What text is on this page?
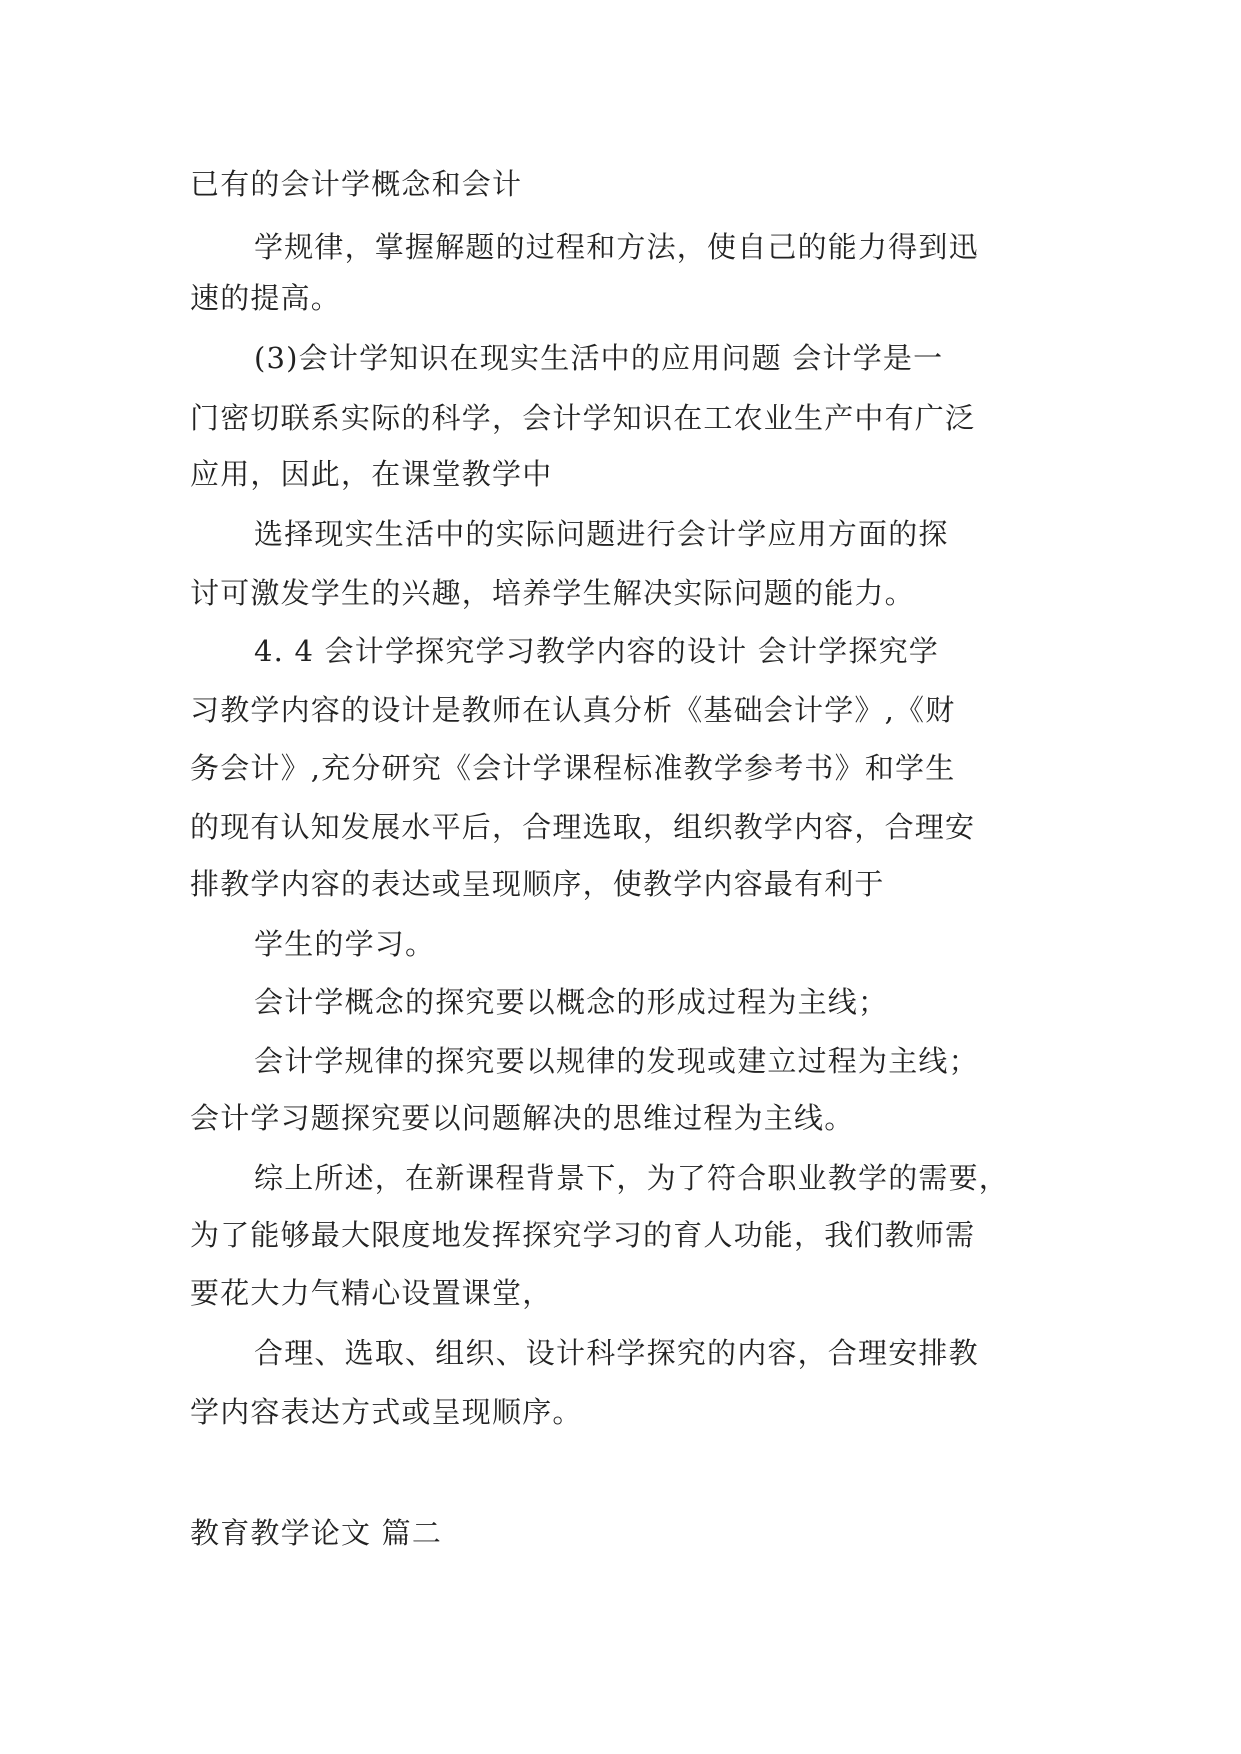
已有的会计学概念和会计
学规律，掌握解题的过程和方法，使自己的能力得到迅
速的提高。
(3)会计学知识在现实生活中的应用问题 会计学是一
门密切联系实际的科学，会计学知识在工农业生产中有广泛
应用，因此，在课堂教学中
选择现实生活中的实际问题进行会计学应用方面的探
讨可激发学生的兴趣，培养学生解决实际问题的能力。
4. 4 会计学探究学习教学内容的设计 会计学探究学
习教学内容的设计是教师在认真分析《基础会计学》,《财
务会计》,充分研究《会计学课程标准教学参考书》和学生
的现有认知发展水平后，合理选取，组织教学内容，合理安
排教学内容的表达或呈现顺序，使教学内容最有利于
学生的学习。
会计学概念的探究要以概念的形成过程为主线；
会计学规律的探究要以规律的发现或建立过程为主线；
会计学习题探究要以问题解决的思维过程为主线。
综上所述，在新课程背景下，为了符合职业教学的需要，
为了能够最大限度地发挥探究学习的育人功能，我们教师需
要花大力气精心设置课堂，
合理、选取、组织、设计科学探究的内容，合理安排教
学内容表达方式或呈现顺序。
教育教学论文 篇二
